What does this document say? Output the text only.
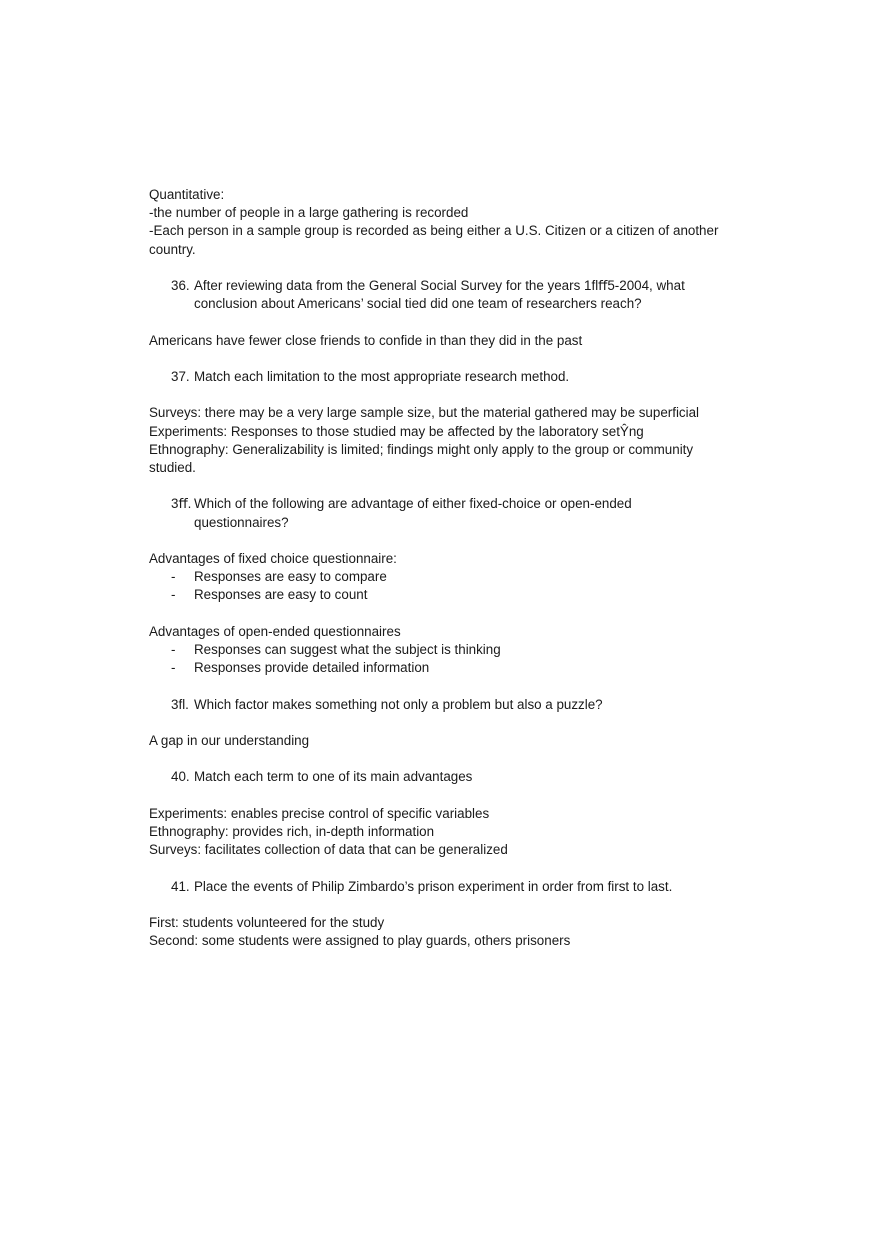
Quantitative:

-the number of people in a large gathering is recorded

-Each person in a sample group is recorded as being either a U.S. Citizen or a citizen of another country.

36. After reviewing data from the General Social Survey for the years 1ﬂﬀ5-2004, what conclusion about Americans’ social tied did one team of researchers reach?

Americans have fewer close friends to confide in than they did in the past

37. Match each limitation to the most appropriate research method.

Surveys: there may be a very large sample size, but the material gathered may be superficial

Experiments: Responses to those studied may be affected by the laboratory setŶng

Ethnography: Generalizability is limited; findings might only apply to the group or community studied.

3ﬀ. Which of the following are advantage of either fixed-choice or open-ended questionnaires?

Advantages of fixed choice questionnaire:

-	Responses are easy to compare
-	Responses are easy to count

Advantages of open-ended questionnaires

-	Responses can suggest what the subject is thinking
-	Responses provide detailed information
3ﬂ. Which factor makes something not only a problem but also a puzzle?

A gap in our understanding

40. Match each term to one of its main advantages

Experiments: enables precise control of specific variables

Ethnography: provides rich, in-depth information

Surveys: facilitates collection of data that can be generalized

41. Place the events of Philip Zimbardo’s prison experiment in order from first to last.

First: students volunteered for the study

Second: some students were assigned to play guards, others prisoners
